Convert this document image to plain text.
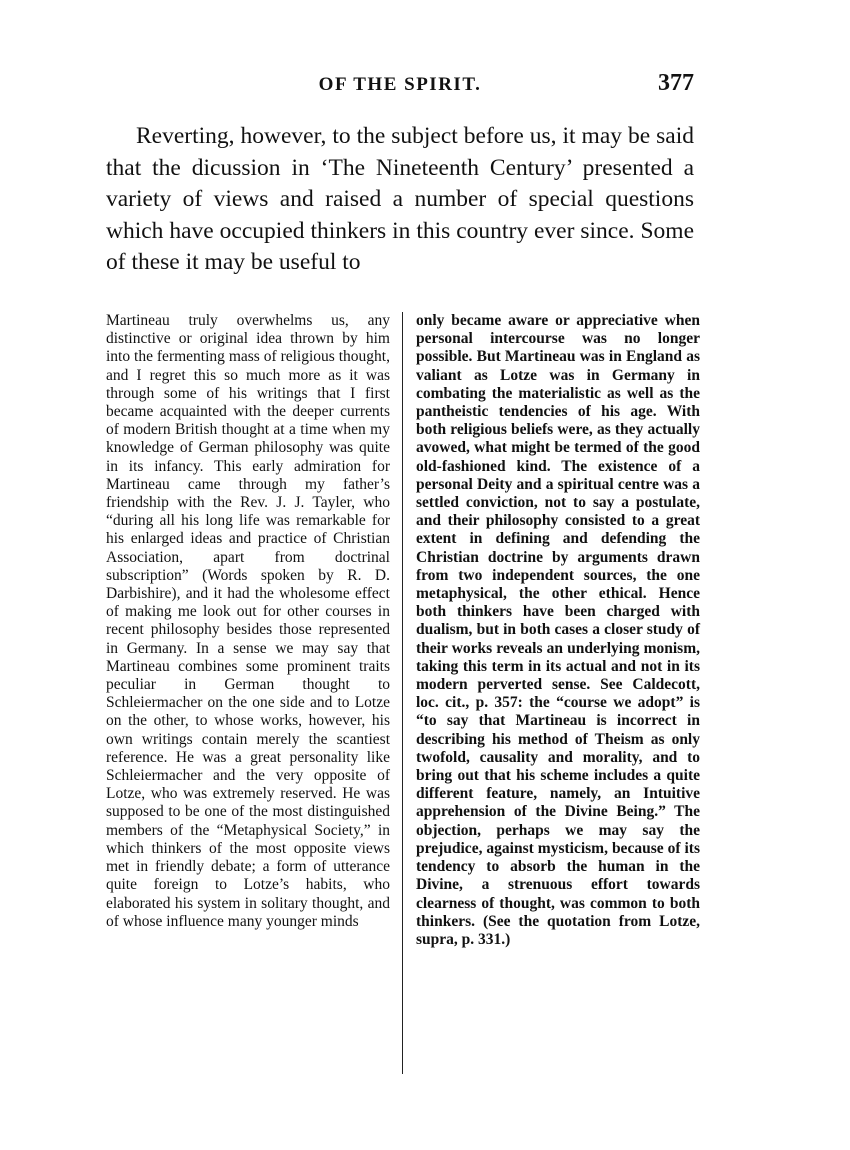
OF THE SPIRIT.	377

Reverting, however, to the subject before us, it may be said that the dicussion in ‘The Nineteenth Century’ presented a variety of views and raised a number of special questions which have occupied thinkers in this country ever since. Some of these it may be useful to

Martineau truly overwhelms us, any distinctive or original idea thrown by him into the fermenting mass of religious thought, and I regret this so much more as it was through some of his writings that I first became acquainted with the deeper currents of modern British thought at a time when my knowledge of German philosophy was quite in its infancy. This early admiration for Martineau came through my father’s friendship with the Rev. J. J. Tayler, who “during all his long life was remarkable for his enlarged ideas and practice of Christian Association, apart from doctrinal subscription” (Words spoken by R. D. Darbishire), and it had the wholesome effect of making me look out for other courses in recent philosophy besides those represented in Germany. In a sense we may say that Martineau combines some prominent traits peculiar in German thought to Schleiermacher on the one side and to Lotze on the other, to whose works, however, his own writings contain merely the scantiest reference. He was a great personality like Schleiermacher and the very opposite of Lotze, who was extremely reserved. He was supposed to be one of the most distinguished members of the “Metaphysical Society,” in which thinkers of the most opposite views met in friendly debate; a form of utterance quite foreign to Lotze’s habits, who elaborated his system in solitary thought, and of whose influence many younger minds

only became aware or appreciative when personal intercourse was no longer possible. But Martineau was in England as valiant as Lotze was in Germany in combating the materialistic as well as the pantheistic tendencies of his age. With both religious beliefs were, as they actually avowed, what might be termed of the good old-fashioned kind. The existence of a personal Deity and a spiritual centre was a settled conviction, not to say a postulate, and their philosophy consisted to a great extent in defining and defending the Christian doctrine by arguments drawn from two independent sources, the one metaphysical, the other ethical. Hence both thinkers have been charged with dualism, but in both cases a closer study of their works reveals an underlying monism, taking this term in its actual and not in its modern perverted sense. See Caldecott, loc. cit., p. 357: the “course we adopt” is “to say that Martineau is incorrect in describing his method of Theism as only twofold, causality and morality, and to bring out that his scheme includes a quite different feature, namely, an Intuitive apprehension of the Divine Being.” The objection, perhaps we may say the prejudice, against mysticism, because of its tendency to absorb the human in the Divine, a strenuous effort towards clearness of thought, was common to both thinkers. (See the quotation from Lotze, supra, p. 331.)
